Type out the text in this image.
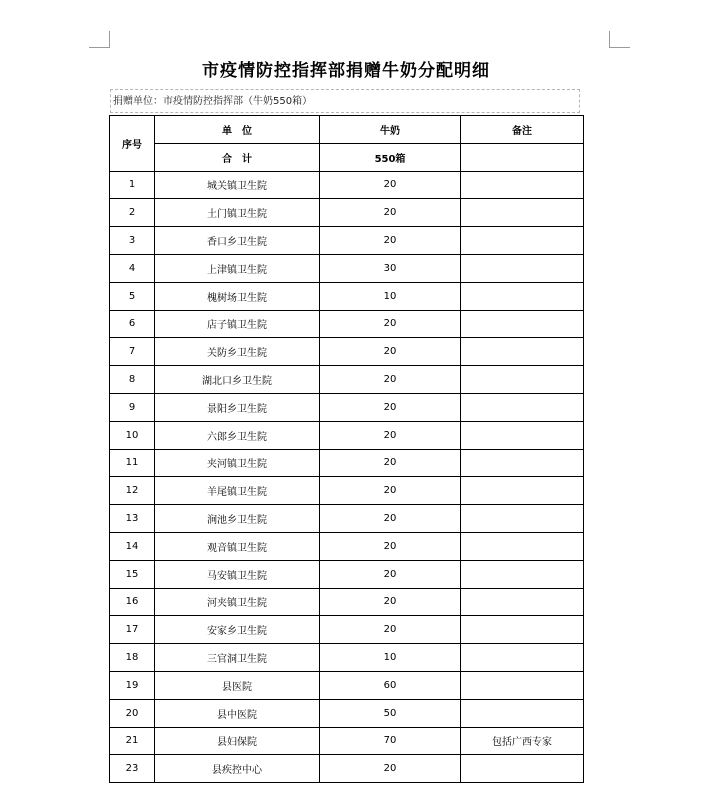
市疫情防控指挥部捐赠牛奶分配明细
捐赠单位：市疫情防控指挥部（牛奶550箱）
序号	单　位	牛奶	备注
	合　计	550箱	
1	城关镇卫生院	20	
2	土门镇卫生院	20	
3	香口乡卫生院	20	
4	上津镇卫生院	30	
5	槐树场卫生院	10	
6	店子镇卫生院	20	
7	关防乡卫生院	20	
8	湖北口乡卫生院	20	
9	景阳乡卫生院	20	
10	六郎乡卫生院	20	
11	夹河镇卫生院	20	
12	羊尾镇卫生院	20	
13	涧池乡卫生院	20	
14	观音镇卫生院	20	
15	马安镇卫生院	20	
16	河夹镇卫生院	20	
17	安家乡卫生院	20	
18	三官洞卫生院	10	
19	县医院	60	
20	县中医院	50	
21	县妇保院	70	包括广西专家
23	县疾控中心	20	
